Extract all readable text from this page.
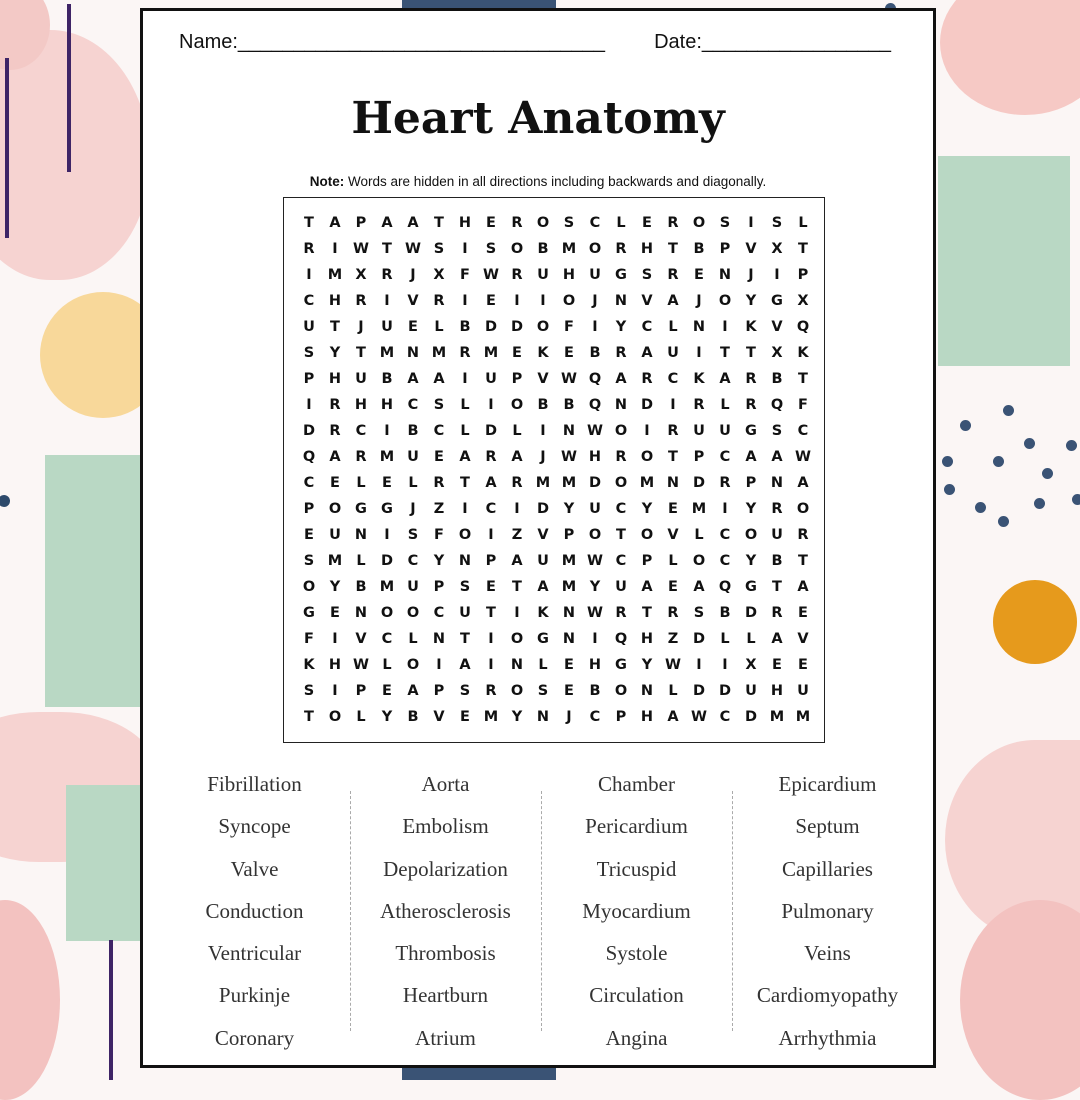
Name:_________________________________ Date:_________________
Heart Anatomy
Note: Words are hidden in all directions including backwards and diagonally.
T	A	P	A	A	T	H	E	R O	S	C	L	E	R O	S	I	S	L
R	I	W T W S	I	S	O B M O R H	T	B	P	V	X	T
I	M X	R	J	X	F W R	U H U G	S	R	E	N	J	I	P
C	H R	I	V	R	I	E	I	I	O	J	N V	A	J	O	Y	G X
U	T	J	U	E	L	B D D O	F	I	Y	C	L	N	I	K	V Q
S	Y	T M N M R M E	K	E	B	R	A	U	I	T	T	X	K
P	H U	B	A	A	I	U	P	V W Q A	R	C	K	A	R	B	T
I	R H H	C	S	L	I	O B	B Q N D	I	R	L	R Q	F
D R	C	I	B	C	L	D	L	I	N W O	I	R	U U G	S	C
Q A	R M U	E	A	R	A	J	W H R O	T	P	C	A	A W
C	E	L	E	L	R	T	A	R M M D O M N D R	P	N A
P	O G G	J	Z	I	C	I	D	Y	U	C	Y	E M	I	Y	R O
E	U N	I	S	F	O	I	Z	V	P	O	T	O V	L	C	O U	R
S M L	D	C	Y	N	P	A	U M W C	P	L	O	C	Y	B	T
O	Y	B M U	P	S	E	T	A M Y	U A	E	A Q G	T	A
G	E	N O O	C	U	T	I	K N W R	T	R	S	B D R	E
F	I	V	C	L	N	T	I	O G N	I	Q H	Z	D	L	L	A	V
K H W L	O	I	A	I	N	L	E	H G	Y W	I	I	X	E	E
S	I	P	E	A	P	S	R O	S	E	B O N	L	D D U H U
T	O	L	Y	B	V	E M Y	N	J	C	P	H A W C	D M M
Fibrillation
Syncope
Valve
Conduction
Ventricular
Purkinje
Coronary
Aorta
Embolism
Depolarization
Atherosclerosis
Thrombosis
Heartburn
Atrium
Chamber
Pericardium
Tricuspid
Myocardium
Systole
Circulation
Angina
Epicardium
Septum
Capillaries
Pulmonary
Veins
Cardiomyopathy
Arrhythmia
